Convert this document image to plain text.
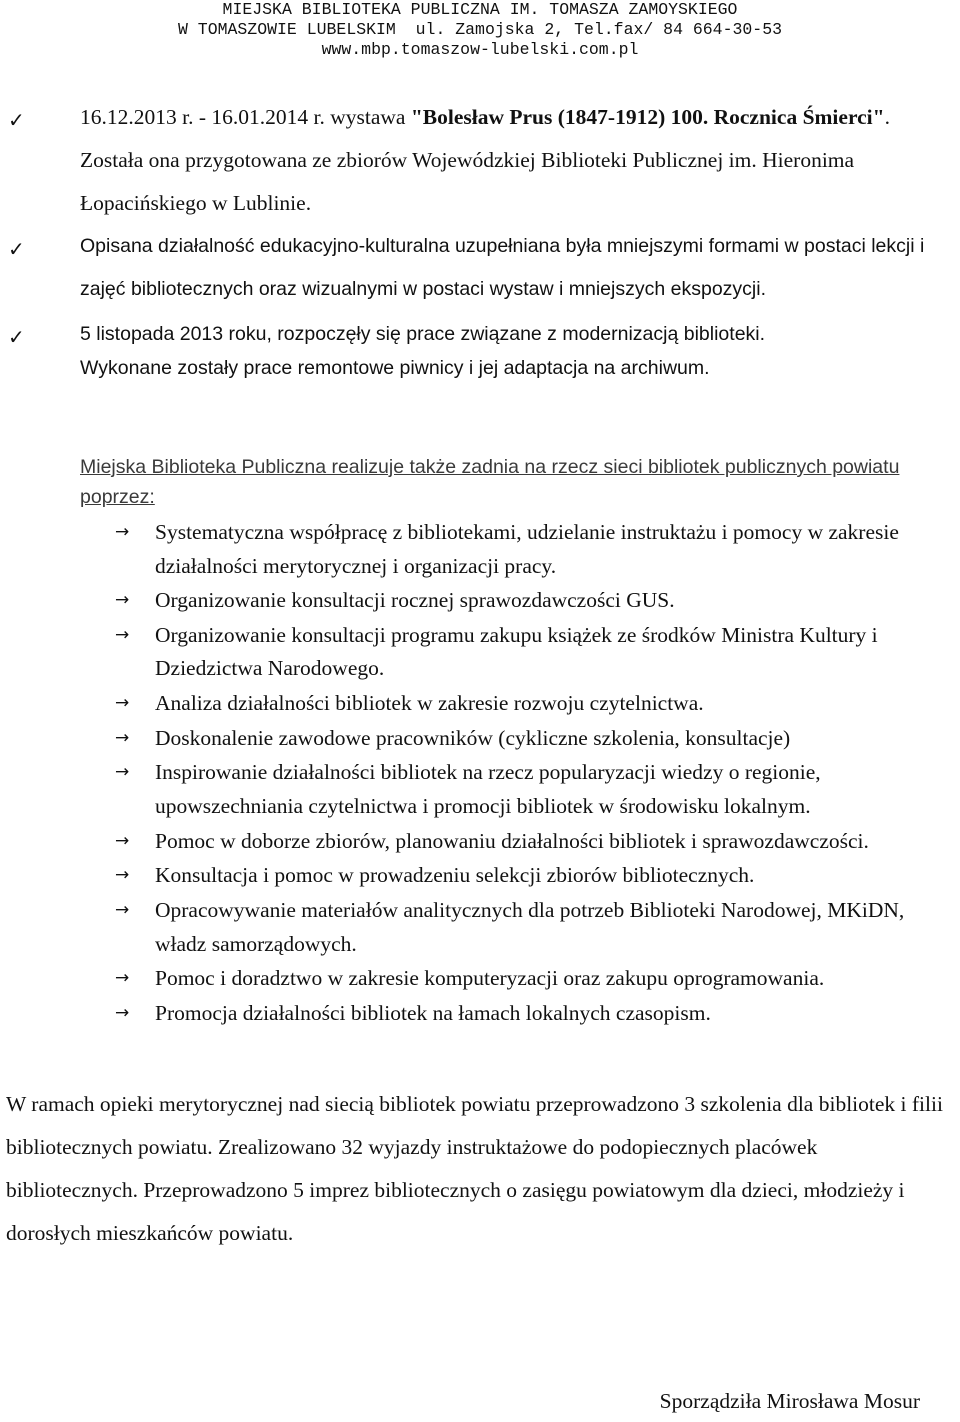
MIEJSKA BIBLIOTEKA PUBLICZNA IM. TOMASZA ZAMOYSKIEGO
W TOMASZOWIE LUBELSKIM  ul. Zamojska 2, Tel.fax/ 84 664-30-53
www.mbp.tomaszow-lubelski.com.pl
✓	16.12.2013 r. - 16.01.2014 r. wystawa "Bolesław Prus (1847-1912) 100. Rocznica Śmierci". Została ona przygotowana ze zbiorów Wojewódzkiej Biblioteki Publicznej im. Hieronima Łopacińskiego w Lublinie.
✓	Opisana działalność edukacyjno-kulturalna uzupełniana była mniejszymi formami w postaci lekcji i zajęć bibliotecznych oraz wizualnymi w postaci wystaw i mniejszych ekspozycji.
✓	5 listopada 2013 roku, rozpoczęły się prace związane z modernizacją biblioteki.
Wykonane zostały prace remontowe piwnicy i jej adaptacja na archiwum.
Miejska Biblioteka Publiczna realizuje także zadnia na rzecz sieci bibliotek publicznych powiatu poprzez:
→ Systematyczna współpracę z bibliotekami, udzielanie instruktażu i pomocy w zakresie działalności merytorycznej i organizacji pracy.
→ Organizowanie konsultacji rocznej sprawozdawczości GUS.
→ Organizowanie konsultacji programu zakupu książek ze środków Ministra Kultury i Dziedzictwa Narodowego.
→ Analiza działalności bibliotek w zakresie rozwoju czytelnictwa.
→ Doskonalenie zawodowe pracowników (cykliczne szkolenia, konsultacje)
→ Inspirowanie działalności bibliotek na rzecz popularyzacji wiedzy o regionie, upowszechniania czytelnictwa i promocji bibliotek w środowisku lokalnym.
→ Pomoc w doborze zbiorów, planowaniu działalności bibliotek i sprawozdawczości.
→ Konsultacja i pomoc w prowadzeniu selekcji zbiorów bibliotecznych.
→ Opracowywanie materiałów analitycznych dla potrzeb Biblioteki Narodowej, MKiDN, władz samorządowych.
→ Pomoc i doradztwo w zakresie komputeryzacji oraz zakupu oprogramowania.
→ Promocja działalności bibliotek na łamach lokalnych czasopism.
W ramach opieki merytorycznej nad siecią bibliotek powiatu przeprowadzono 3 szkolenia dla bibliotek i filii bibliotecznych powiatu. Zrealizowano 32 wyjazdy instruktażowe do podopiecznych placówek bibliotecznych. Przeprowadzono 5 imprez bibliotecznych o zasięgu powiatowym dla dzieci, młodzieży i dorosłych mieszkańców powiatu.
Sporządziła Mirosława Mosur
